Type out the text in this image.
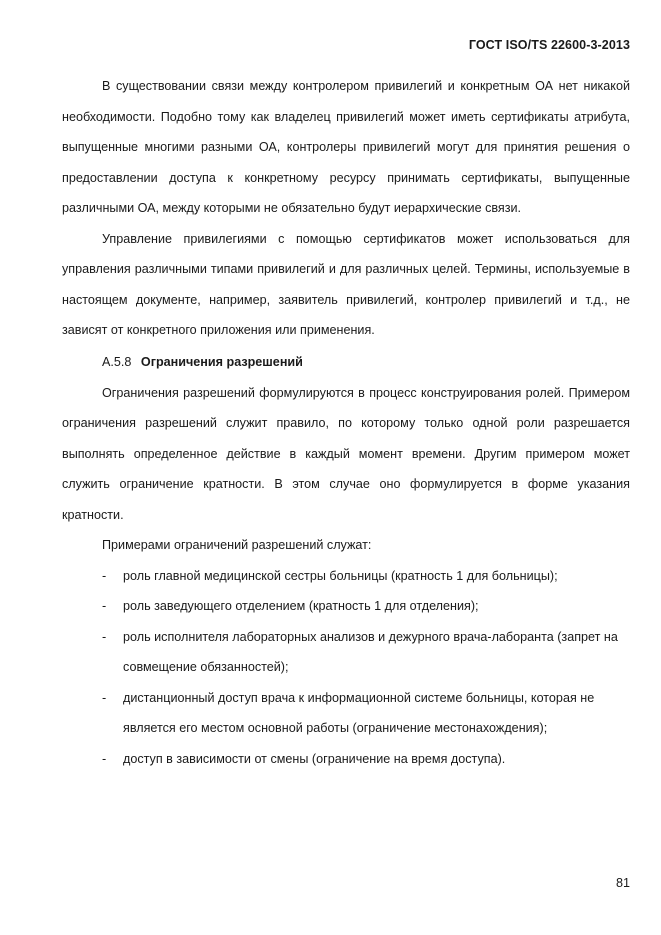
ГОСТ ISO/TS 22600-3-2013

В существовании связи между контролером привилегий и конкретным ОА нет никакой необходимости. Подобно тому как владелец привилегий может иметь сертификаты атрибута, выпущенные многими разными ОА, контролеры привилегий могут для принятия решения о предоставлении доступа к конкретному ресурсу принимать сертификаты, выпущенные различными ОА, между которыми не обязательно будут иерархические связи.

Управление привилегиями с помощью сертификатов может использоваться для управления различными типами привилегий и для различных целей. Термины, используемые в настоящем документе, например, заявитель привилегий, контролер привилегий и т.д., не зависят от конкретного приложения или применения.

А.5.8 Ограничения разрешений

Ограничения разрешений формулируются в процесс конструирования ролей. Примером ограничения разрешений служит правило, по которому только одной роли разрешается выполнять определенное действие в каждый момент времени. Другим примером может служить ограничение кратности. В этом случае оно формулируется в форме указания кратности.

Примерами ограничений разрешений служат:

- роль главной медицинской сестры больницы (кратность 1 для больницы);
- роль заведующего отделением (кратность 1 для отделения);
- роль исполнителя лабораторных анализов и дежурного врача-лаборанта (запрет на совмещение обязанностей);
- дистанционный доступ врача к информационной системе больницы, которая не является его местом основной работы (ограничение местонахождения);
- доступ в зависимости от смены (ограничение на время доступа).
81
